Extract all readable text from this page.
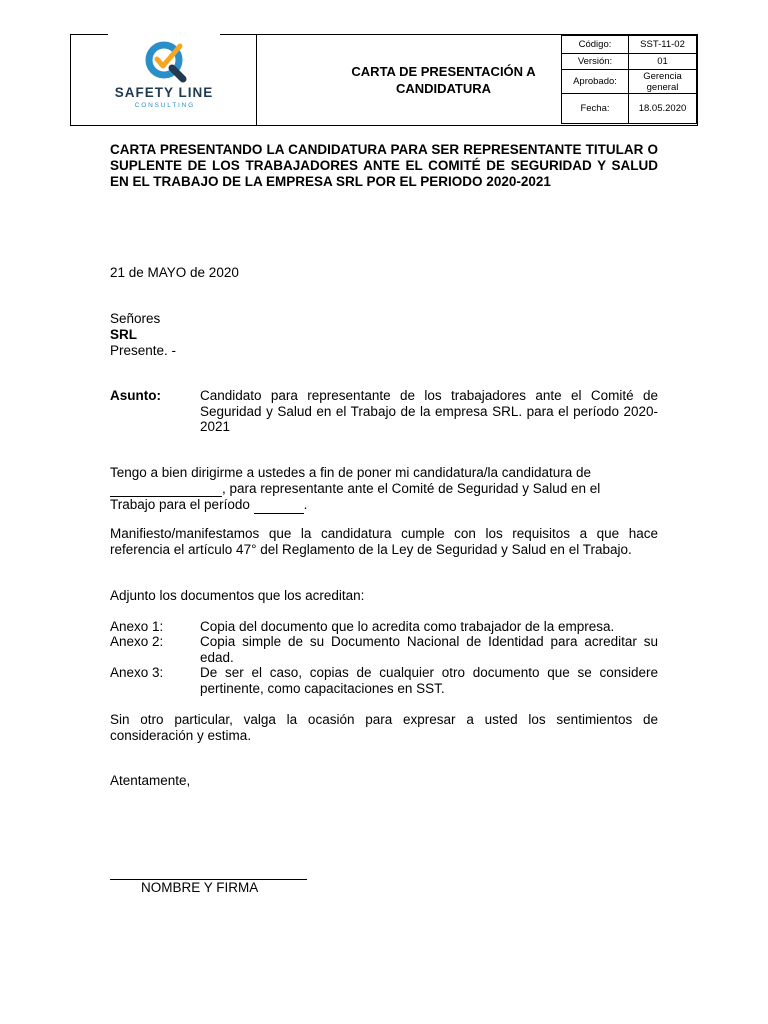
CARTA DE PRESENTACIÓN A
CANDIDATURA
Código:	SST-11-02
Versión:	01
Aprobado:	Gerencia general
Fecha:	18.05.2020
SAFETY LINE
C O N S U L T I N G
CARTA PRESENTANDO LA CANDIDATURA PARA SER REPRESENTANTE TITULAR O SUPLENTE DE LOS TRABAJADORES ANTE EL COMITÉ DE SEGURIDAD Y SALUD EN EL TRABAJO DE LA EMPRESA SRL POR EL PERIODO 2020-2021
21 de MAYO de 2020
Señores
SRL
Presente. -
Asunto:	Candidato para representante de los trabajadores ante el Comité de Seguridad y Salud en el Trabajo de la empresa SRL. para el período 2020-2021
Tengo a bien dirigirme a ustedes a fin de poner mi candidatura/la candidatura de
, para representante ante el Comité de Seguridad y Salud en el
Trabajo para el período	.
Manifiesto/manifestamos que la candidatura cumple con los requisitos a que hace referencia el artículo 47° del Reglamento de la Ley de Seguridad y Salud en el Trabajo.
Adjunto los documentos que los acreditan:
Anexo 1:	Copia del documento que lo acredita como trabajador de la empresa.
Anexo 2:	Copia simple de su Documento Nacional de Identidad para acreditar su edad.
Anexo 3:	De ser el caso, copias de cualquier otro documento que se considere pertinente, como capacitaciones en SST.
Sin otro particular, valga la ocasión para expresar a usted los sentimientos de consideración y estima.
Atentamente,
NOMBRE Y FIRMA
